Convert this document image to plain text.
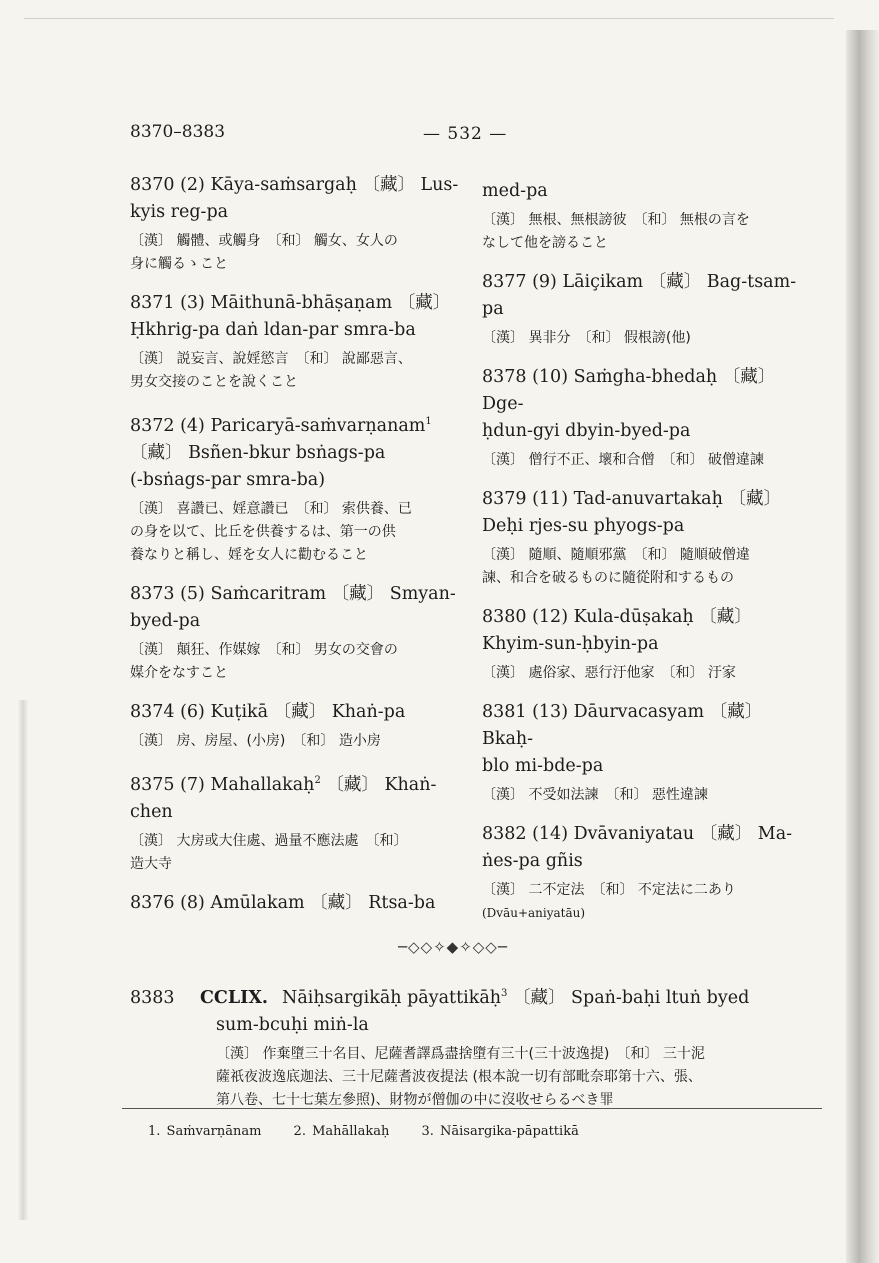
8370–8383	— 532 —
8370 (2) Kāya-saṁsargaḥ 〔藏〕 Lus-
kyis reg-pa
〔漢〕 觸體、或觸身　〔和〕 觸女、女人の
身に觸るゝこと
8371 (3) Māithunā-bhāṣaṇam 〔藏〕
Ḥkhrig-pa daṅ ldan-par smra-ba
〔漢〕 説妄言、說婬慾言　〔和〕 說鄙惡言、
男女交接のことを說くこと
8372 (4) Paricaryā-saṁvarṇanam$^1$
〔藏〕 Bsñen-bkur bsṅags-pa
(-bsṅags-par smra-ba)
〔漢〕 喜讚已、婬意讚已　〔和〕 索供養、已
の身を以て、比丘を供養するは、第一の供
養なりと稱し、婬を女人に勸むること
8373 (5) Saṁcaritram 〔藏〕 Smyan-
byed-pa
〔漢〕 顛狂、作媒嫁　〔和〕 男女の交會の
媒介をなすこと
8374 (6) Kuṭikā 〔藏〕 Khaṅ-pa
〔漢〕 房、房屋、(小房)　〔和〕 造小房
8375 (7) Mahallakaḥ$^2$ 〔藏〕 Khaṅ-
chen
〔漢〕 大房或大住處、過量不應法處　〔和〕
造大寺
8376 (8) Amūlakam 〔藏〕 Rtsa-ba
med-pa
〔漢〕 無根、無根謗彼　〔和〕 無根の言を
なして他を謗ること
8377 (9) Lāiçikam 〔藏〕 Bag-tsam-
pa
〔漢〕 異非分　〔和〕 假根謗(他)
8378 (10) Saṁgha-bhedaḥ 〔藏〕 Dge-
ḥdun-gyi dbyin-byed-pa
〔漢〕 僧行不正、壞和合僧　〔和〕 破僧違諫
8379 (11) Tad-anuvartakaḥ 〔藏〕
Deḥi rjes-su phyogs-pa
〔漢〕 隨順、隨順邪黨　〔和〕 隨順破僧違
諫、和合を破るものに隨從附和するもの
8380 (12) Kula-dūṣakaḥ 〔藏〕
Khyim-sun-ḥbyin-pa
〔漢〕 處俗家、惡行汙他家　〔和〕 汙家
8381 (13) Dāurvacasyam 〔藏〕 Bkaḥ-
blo mi-bde-pa
〔漢〕 不受如法諫　〔和〕 惡性違諫
8382 (14) Dvāvaniyatau 〔藏〕 Ma-
ṅes-pa gñis
〔漢〕 二不定法　〔和〕 不定法に二あり
(Dvāu+aniyatāu)
─◇◇✧◆✧◇◇─
8383 CCLIX. Nāiḥsargikāḥ pāyattikāḥ$^3$ 〔藏〕 Spaṅ-baḥi ltuṅ byed
sum-bcuḥi miṅ-la
〔漢〕 作棄墮三十名目、尼薩耆譯爲盡捨墮有三十(三十波逸提)　〔和〕 三十泥
薩祇夜波逸底迦法、三十尼薩耆波夜提法 (根本說一切有部毗奈耶第十六、張、
第八卷、七十七葉左參照)、財物が僧伽の中に沒收せらるべき罪
1. Saṁvarṇānam 2. Mahāllakaḥ 3. Nāisargika-pāpattikā
